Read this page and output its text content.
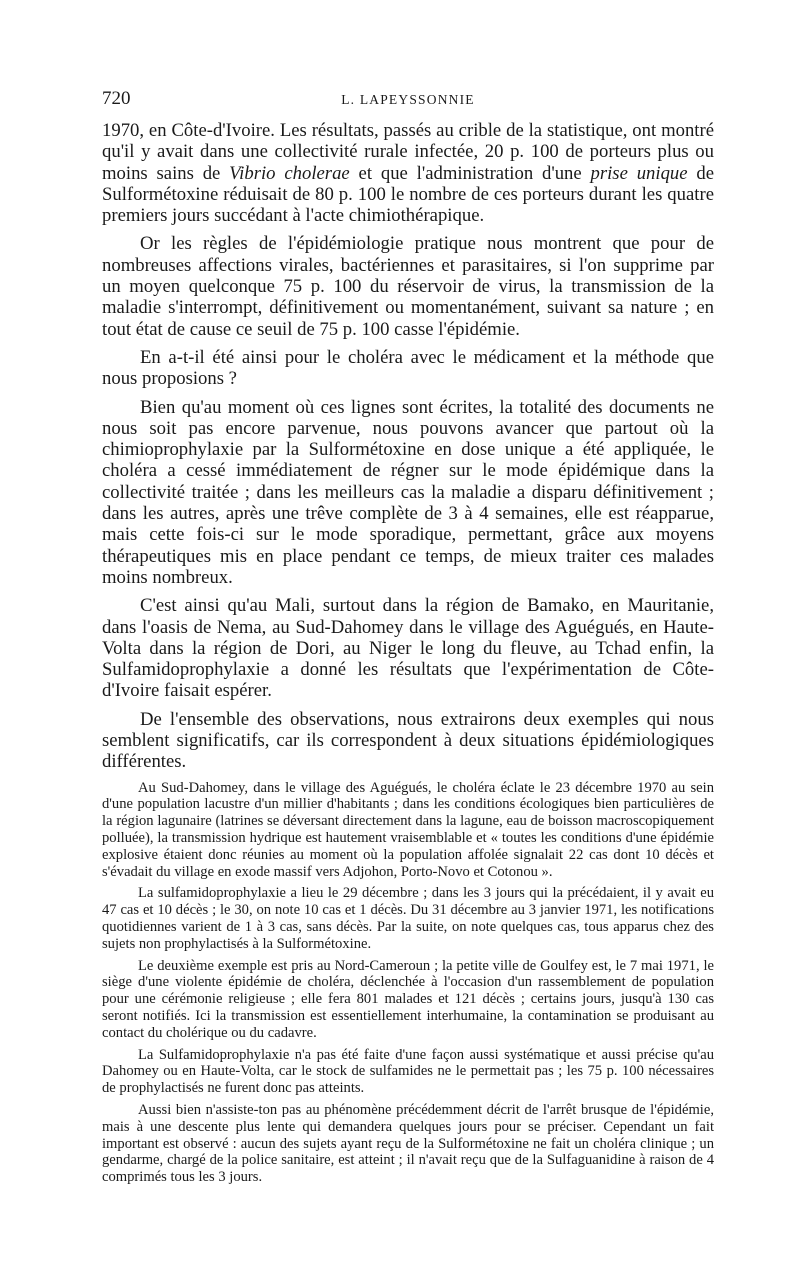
720	L. LAPEYSSONNIE

1970, en Côte-d'Ivoire. Les résultats, passés au crible de la statistique, ont montré qu'il y avait dans une collectivité rurale infectée, 20 p. 100 de porteurs plus ou moins sains de Vibrio cholerae et que l'administration d'une prise unique de Sulformétoxine réduisait de 80 p. 100 le nombre de ces porteurs durant les quatre premiers jours succédant à l'acte chimiothérapique.

Or les règles de l'épidémiologie pratique nous montrent que pour de nombreuses affections virales, bactériennes et parasitaires, si l'on supprime par un moyen quelconque 75 p. 100 du réservoir de virus, la transmission de la maladie s'interrompt, définitivement ou momentanément, suivant sa nature ; en tout état de cause ce seuil de 75 p. 100 casse l'épidémie.

En a-t-il été ainsi pour le choléra avec le médicament et la méthode que nous proposions ?

Bien qu'au moment où ces lignes sont écrites, la totalité des documents ne nous soit pas encore parvenue, nous pouvons avancer que partout où la chimioprophylaxie par la Sulformétoxine en dose unique a été appliquée, le choléra a cessé immédiatement de régner sur le mode épidémique dans la collectivité traitée ; dans les meilleurs cas la maladie a disparu définitivement ; dans les autres, après une trêve complète de 3 à 4 semaines, elle est réapparue, mais cette fois-ci sur le mode sporadique, permettant, grâce aux moyens thérapeutiques mis en place pendant ce temps, de mieux traiter ces malades moins nombreux.

C'est ainsi qu'au Mali, surtout dans la région de Bamako, en Mauritanie, dans l'oasis de Nema, au Sud-Dahomey dans le village des Aguégués, en Haute-Volta dans la région de Dori, au Niger le long du fleuve, au Tchad enfin, la Sulfamidoprophylaxie a donné les résultats que l'expérimentation de Côte-d'Ivoire faisait espérer.

De l'ensemble des observations, nous extrairons deux exemples qui nous semblent significatifs, car ils correspondent à deux situations épidémiologiques différentes.

Au Sud-Dahomey, dans le village des Aguégués, le choléra éclate le 23 décembre 1970 au sein d'une population lacustre d'un millier d'habitants ; dans les conditions écologiques bien particulières de la région lagunaire (latrines se déversant directement dans la lagune, eau de boisson macroscopiquement polluée), la transmission hydrique est hautement vraisemblable et « toutes les conditions d'une épidémie explosive étaient donc réunies au moment où la population affolée signalait 22 cas dont 10 décès et s'évadait du village en exode massif vers Adjohon, Porto-Novo et Cotonou ».

La sulfamidoprophylaxie a lieu le 29 décembre ; dans les 3 jours qui la précédaient, il y avait eu 47 cas et 10 décès ; le 30, on note 10 cas et 1 décès. Du 31 décembre au 3 janvier 1971, les notifications quotidiennes varient de 1 à 3 cas, sans décès. Par la suite, on note quelques cas, tous apparus chez des sujets non prophylactisés à la Sulformétoxine.

Le deuxième exemple est pris au Nord-Cameroun ; la petite ville de Goulfey est, le 7 mai 1971, le siège d'une violente épidémie de choléra, déclenchée à l'occasion d'un rassemblement de population pour une cérémonie religieuse ; elle fera 801 malades et 121 décès ; certains jours, jusqu'à 130 cas seront notifiés. Ici la transmission est essentiellement interhumaine, la contamination se produisant au contact du cholérique ou du cadavre.

La Sulfamidoprophylaxie n'a pas été faite d'une façon aussi systématique et aussi précise qu'au Dahomey ou en Haute-Volta, car le stock de sulfamides ne le permettait pas ; les 75 p. 100 nécessaires de prophylactisés ne furent donc pas atteints.

Aussi bien n'assiste-ton pas au phénomène précédemment décrit de l'arrêt brusque de l'épidémie, mais à une descente plus lente qui demandera quelques jours pour se préciser. Cependant un fait important est observé : aucun des sujets ayant reçu de la Sulformétoxine ne fait un choléra clinique ; un gendarme, chargé de la police sanitaire, est atteint ; il n'avait reçu que de la Sulfaguanidine à raison de 4 comprimés tous les 3 jours.
